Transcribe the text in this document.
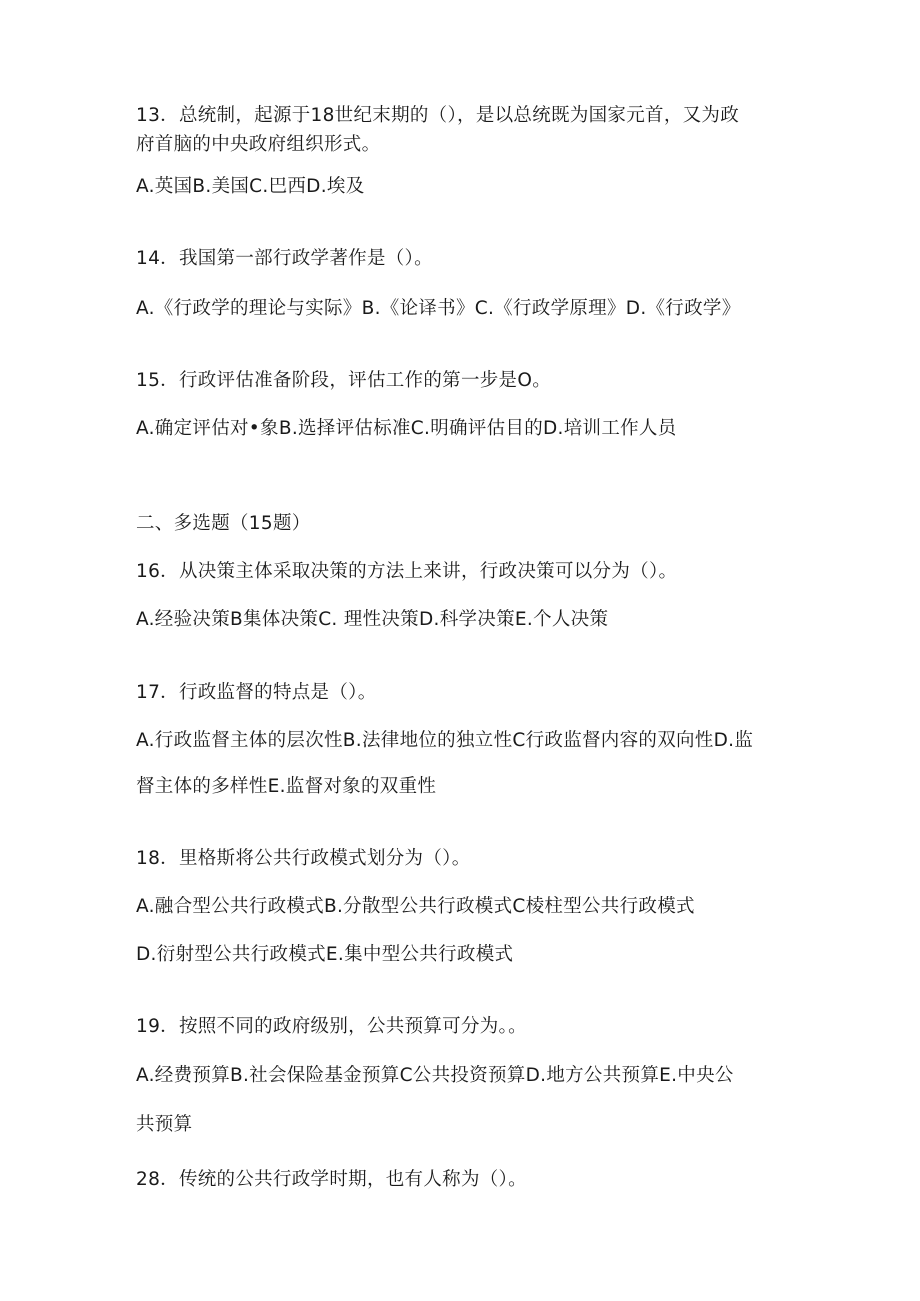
13．总统制，起源于18世纪末期的（），是以总统既为国家元首，又为政
府首脑的中央政府组织形式。
A.英国B.美国C.巴西D.埃及
14．我国第一部行政学著作是（）。
A.《行政学的理论与实际》B.《论译书》C.《行政学原理》D.《行政学》
15．行政评估准备阶段，评估工作的第一步是O。
A.确定评估对•象B.选择评估标准C.明确评估目的D.培训工作人员
二、多选题（15题）
16．从决策主体采取决策的方法上来讲，行政决策可以分为（）。
A.经验决策B集体决策C. 理性决策D.科学决策E.个人决策
17．行政监督的特点是（）。
A.行政监督主体的层次性B.法律地位的独立性C行政监督内容的双向性D.监
督主体的多样性E.监督对象的双重性
18．里格斯将公共行政模式划分为（）。
A.融合型公共行政模式B.分散型公共行政模式C棱柱型公共行政模式
D.衍射型公共行政模式E.集中型公共行政模式
19．按照不同的政府级别，公共预算可分为。。
A.经费预算B.社会保险基金预算C公共投资预算D.地方公共预算E.中央公
共预算
28．传统的公共行政学时期，也有人称为（）。
